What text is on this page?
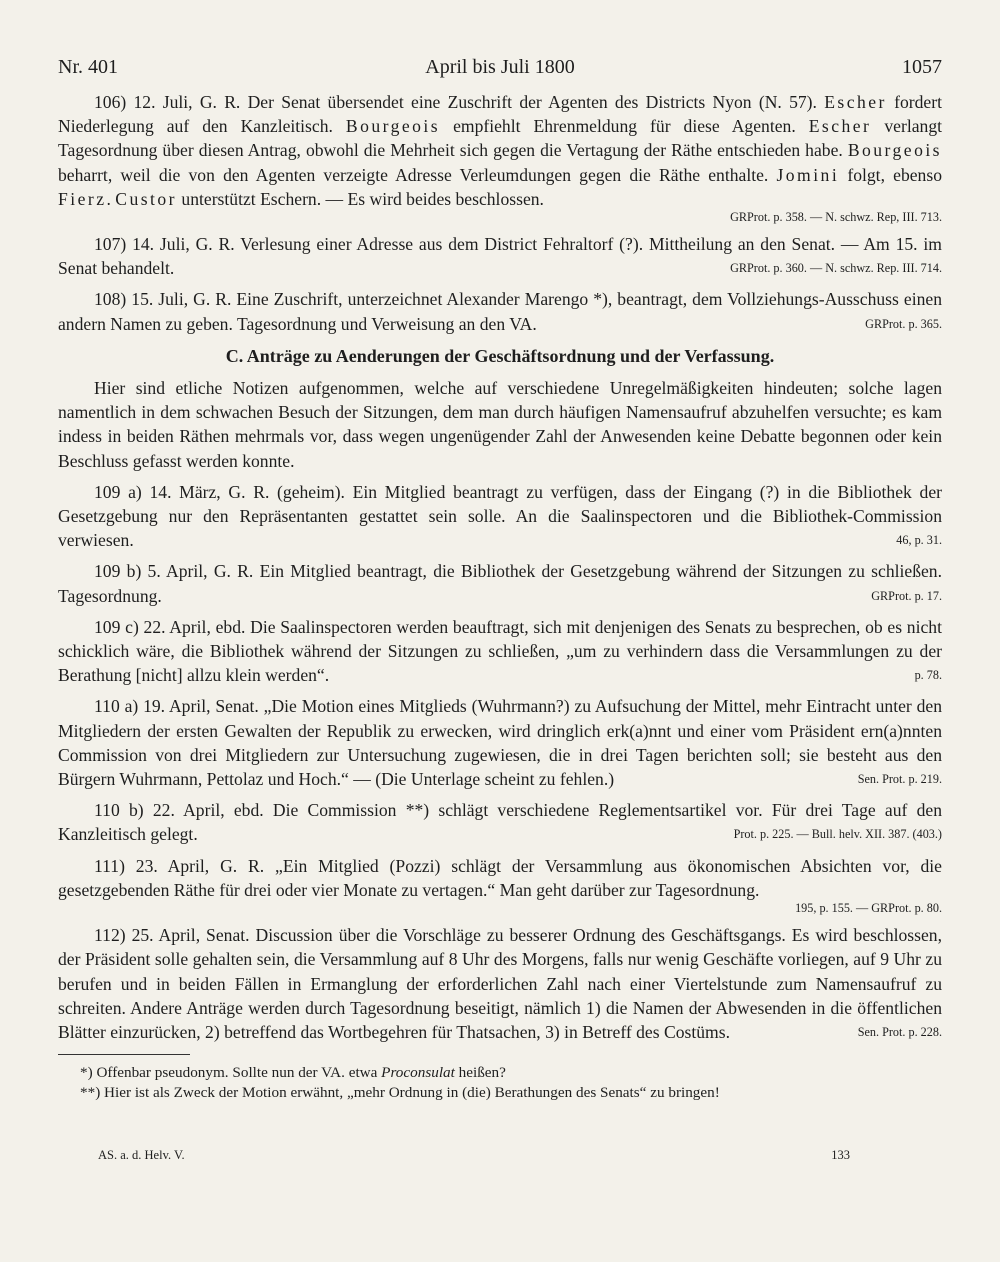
April bis Juli 1800
Nr. 401	1057

106) 12. Juli, G. R. Der Senat übersendet eine Zuschrift der Agenten des Districts Nyon (N. 57). Escher fordert Niederlegung auf den Kanzleitisch. Bourgeois empfiehlt Ehrenmeldung für diese Agenten. Escher verlangt Tagesordnung über diesen Antrag, obwohl die Mehrheit sich gegen die Vertagung der Räthe entschieden habe. Bourgeois beharrt, weil die von den Agenten verzeigte Adresse Verleumdungen gegen die Räthe enthalte. Jomini folgt, ebenso Fierz. Custor unterstützt Eschern. — Es wird beides beschlossen.

GRProt. p. 358. — N. schwz. Rep, III. 713.

107) 14. Juli, G. R. Verlesung einer Adresse aus dem District Fehraltorf (?). Mittheilung an den Senat. — Am 15. im Senat behandelt.	GRProt. p. 360. — N. schwz. Rep. III. 714.

108) 15. Juli, G. R. Eine Zuschrift, unterzeichnet Alexander Marengo *), beantragt, dem Vollziehungs-Ausschuss einen andern Namen zu geben. Tagesordnung und Verweisung an den VA.	GRProt. p. 365.

C. Anträge zu Aenderungen der Geschäftsordnung und der Verfassung.

Hier sind etliche Notizen aufgenommen, welche auf verschiedene Unregelmäßigkeiten hindeuten; solche lagen namentlich in dem schwachen Besuch der Sitzungen, dem man durch häufigen Namensaufruf abzuhelfen versuchte; es kam indess in beiden Räthen mehrmals vor, dass wegen ungenügender Zahl der Anwesenden keine Debatte begonnen oder kein Beschluss gefasst werden konnte.

109 a) 14. März, G. R. (geheim). Ein Mitglied beantragt zu verfügen, dass der Eingang (?) in die Bibliothek der Gesetzgebung nur den Repräsentanten gestattet sein solle. An die Saalinspectoren und die Bibliothek-Commission verwiesen.	46, p. 31.

109 b) 5. April, G. R. Ein Mitglied beantragt, die Bibliothek der Gesetzgebung während der Sitzungen zu schließen. Tagesordnung.	GRProt. p. 17.

109 c) 22. April, ebd. Die Saalinspectoren werden beauftragt, sich mit denjenigen des Senats zu besprechen, ob es nicht schicklich wäre, die Bibliothek während der Sitzungen zu schließen, „um zu verhindern dass die Versammlungen zu der Berathung [nicht] allzu klein werden“.	p. 78.

110 a) 19. April, Senat. „Die Motion eines Mitglieds (Wuhrmann?) zu Aufsuchung der Mittel, mehr Eintracht unter den Mitgliedern der ersten Gewalten der Republik zu erwecken, wird dringlich erk(a)nnt und einer vom Präsident ern(a)nnten Commission von drei Mitgliedern zur Untersuchung zugewiesen, die in drei Tagen berichten soll; sie besteht aus den Bürgern Wuhrmann, Pettolaz und Hoch.“ — (Die Unterlage scheint zu fehlen.)	Sen. Prot. p. 219.

110 b) 22. April, ebd. Die Commission **) schlägt verschiedene Reglementsartikel vor. Für drei Tage auf den Kanzleitisch gelegt.	Prot. p. 225. — Bull. helv. XII. 387. (403.)

111) 23. April, G. R. „Ein Mitglied (Pozzi) schlägt der Versammlung aus ökonomischen Absichten vor, die gesetzgebenden Räthe für drei oder vier Monate zu vertagen.“ Man geht darüber zur Tagesordnung.

195, p. 155. — GRProt. p. 80.

112) 25. April, Senat. Discussion über die Vorschläge zu besserer Ordnung des Geschäftsgangs. Es wird beschlossen, der Präsident solle gehalten sein, die Versammlung auf 8 Uhr des Morgens, falls nur wenig Geschäfte vorliegen, auf 9 Uhr zu berufen und in beiden Fällen in Ermanglung der erforderlichen Zahl nach einer Viertelstunde zum Namensaufruf zu schreiten. Andere Anträge werden durch Tagesordnung beseitigt, nämlich 1) die Namen der Abwesenden in die öffentlichen Blätter einzurücken, 2) betreffend das Wortbegehren für Thatsachen, 3) in Betreff des Costüms.	Sen. Prot. p. 228.

*) Offenbar pseudonym. Sollte nun der VA. etwa Proconsulat heißen?

**) Hier ist als Zweck der Motion erwähnt, „mehr Ordnung in (die) Berathungen des Senats“ zu bringen!

AS. a. d. Helv. V.	133
